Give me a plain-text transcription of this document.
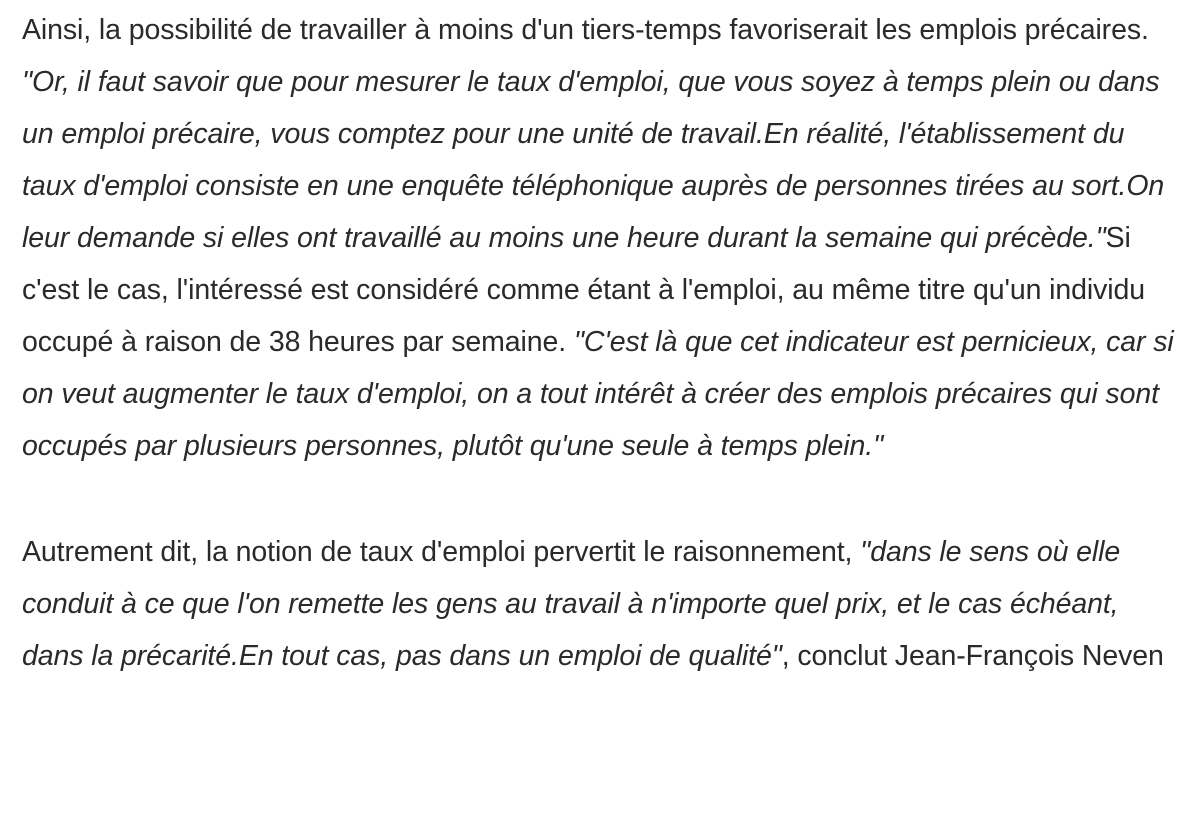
Ainsi, la possibilité de travailler à moins d'un tiers-temps favoriserait les emplois précaires. "Or, il faut savoir que pour mesurer le taux d'emploi, que vous soyez à temps plein ou dans un emploi précaire, vous comptez pour une unité de travail.En réalité, l'établissement du taux d'emploi consiste en une enquête téléphonique auprès de personnes tirées au sort.On leur demande si elles ont travaillé au moins une heure durant la semaine qui précède."Si c'est le cas, l'intéressé est considéré comme étant à l'emploi, au même titre qu'un individu occupé à raison de 38 heures par semaine. "C'est là que cet indicateur est pernicieux, car si on veut augmenter le taux d'emploi, on a tout intérêt à créer des emplois précaires qui sont occupés par plusieurs personnes, plutôt qu'une seule à temps plein."

Autrement dit, la notion de taux d'emploi pervertit le raisonnement, "dans le sens où elle conduit à ce que l'on remette les gens au travail à n'importe quel prix, et le cas échéant, dans la précarité.En tout cas, pas dans un emploi de qualité", conclut Jean-François Neven
